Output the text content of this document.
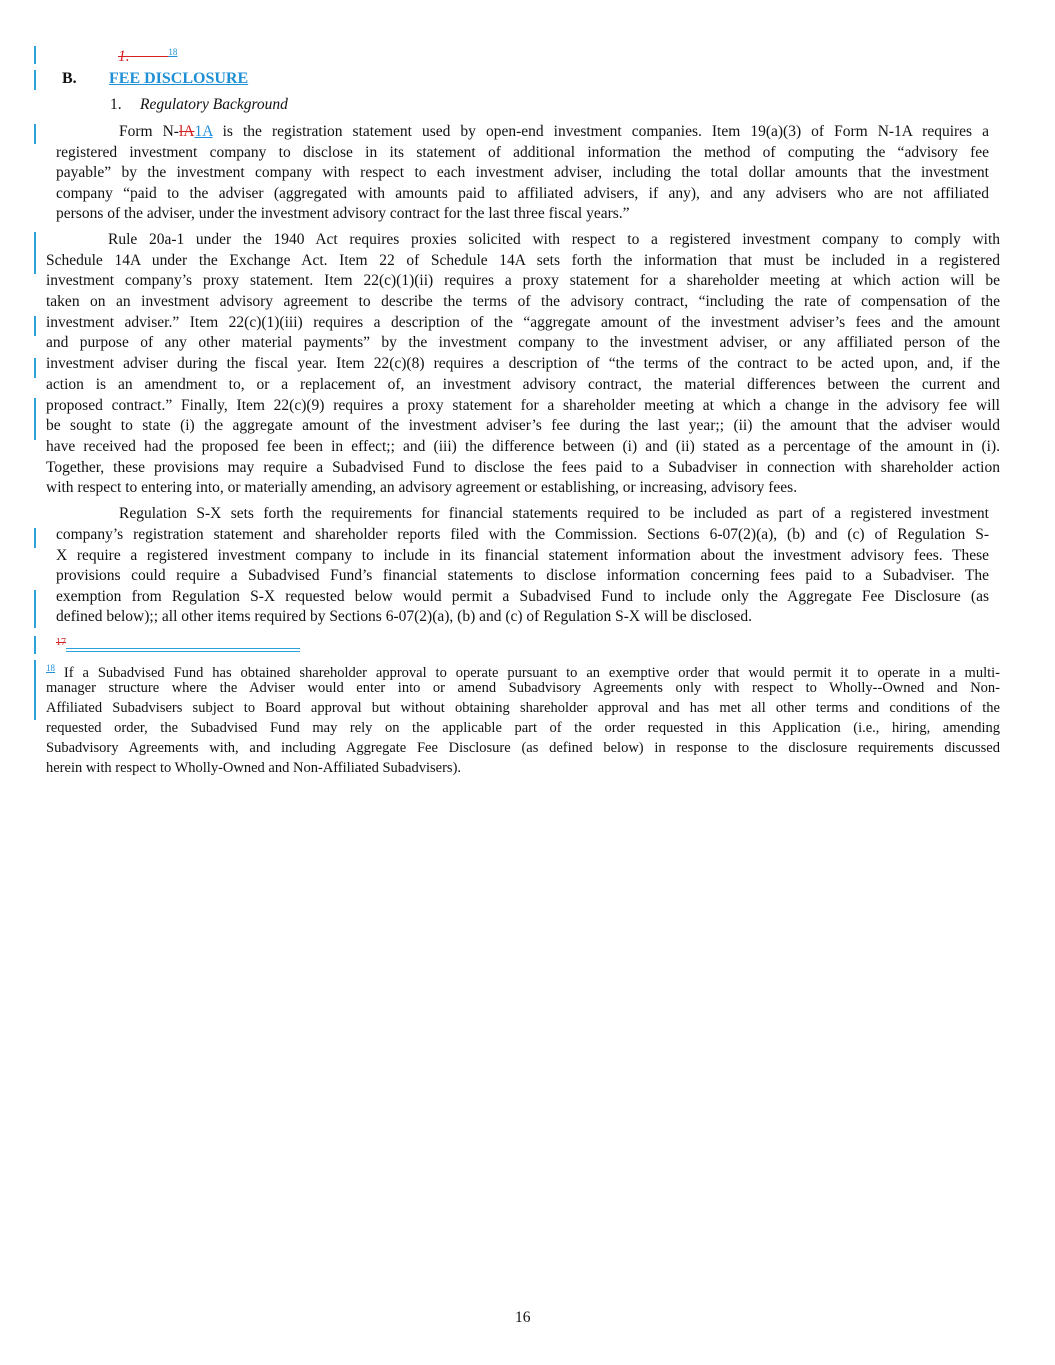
1.	$^{18}$
B. FEE DISCLOSURE
1. Regulatory Background
Form N-lA1A is the registration statement used by open-end investment companies. Item 19(a)(3) of Form N-1A requires a
registered investment company to disclose in its statement of additional information the method of computing the “advisory fee
payable” by the investment company with respect to each investment adviser, including the total dollar amounts that the investment
company “paid to the adviser (aggregated with amounts paid to affiliated advisers, if any), and any advisers who are not affiliated
persons of the adviser, under the investment advisory contract for the last three fiscal years.”
Rule 20a-1 under the 1940 Act requires proxies solicited with respect to a registered investment company to comply with
Schedule 14A under the Exchange Act. Item 22 of Schedule 14A sets forth the information that must be included in a registered
investment company’s proxy statement. Item 22(c)(1)(ii) requires a proxy statement for a shareholder meeting at which action will be
taken on an investment advisory agreement to describe the terms of the advisory contract, “including the rate of compensation of the
investment adviser.” Item 22(c)(1)(iii) requires a description of the “aggregate amount of the investment adviser’s fees and the amount
and purpose of any other material payments” by the investment company to the investment adviser, or any affiliated person of the
investment adviser during the fiscal year. Item 22(c)(8) requires a description of “the terms of the contract to be acted upon, and, if the
action is an amendment to, or a replacement of, an investment advisory contract, the material differences between the current and
proposed contract.” Finally, Item 22(c)(9) requires a proxy statement for a shareholder meeting at which a change in the advisory fee will
be sought to state (i) the aggregate amount of the investment adviser’s fee during the last year;; (ii) the amount that the adviser would
have received had the proposed fee been in effect;; and (iii) the difference between (i) and (ii) stated as a percentage of the amount in (i).
Together, these provisions may require a Subadvised Fund to disclose the fees paid to a Subadviser in connection with shareholder action
with respect to entering into, or materially amending, an advisory agreement or establishing, or increasing, advisory fees.
Regulation S-X sets forth the requirements for financial statements required to be included as part of a registered investment
company’s registration statement and shareholder reports filed with the Commission. Sections 6-07(2)(a), (b) and (c) of Regulation S-
X require a registered investment company to include in its financial statement information about the investment advisory fees. These
provisions could require a Subadvised Fund’s financial statements to disclose information concerning fees paid to a Subadviser. The
exemption from Regulation S-X requested below would permit a Subadvised Fund to include only the Aggregate Fee Disclosure (as
defined below);; all other items required by Sections 6-07(2)(a), (b) and (c) of Regulation S-X will be disclosed.
17
$^{18}$ If a Subadvised Fund has obtained shareholder approval to operate pursuant to an exemptive order that would permit it to operate in a multi-
manager structure where the Adviser would enter into or amend Subadvisory Agreements only with respect to Wholly--Owned and Non-
Affiliated Subadvisers subject to Board approval but without obtaining shareholder approval and has met all other terms and conditions of the
requested order, the Subadvised Fund may rely on the applicable part of the order requested in this Application (i.e., hiring, amending
Subadvisory Agreements with, and including Aggregate Fee Disclosure (as defined below) in response to the disclosure requirements discussed
herein with respect to Wholly-Owned and Non-Affiliated Subadvisers).
16
